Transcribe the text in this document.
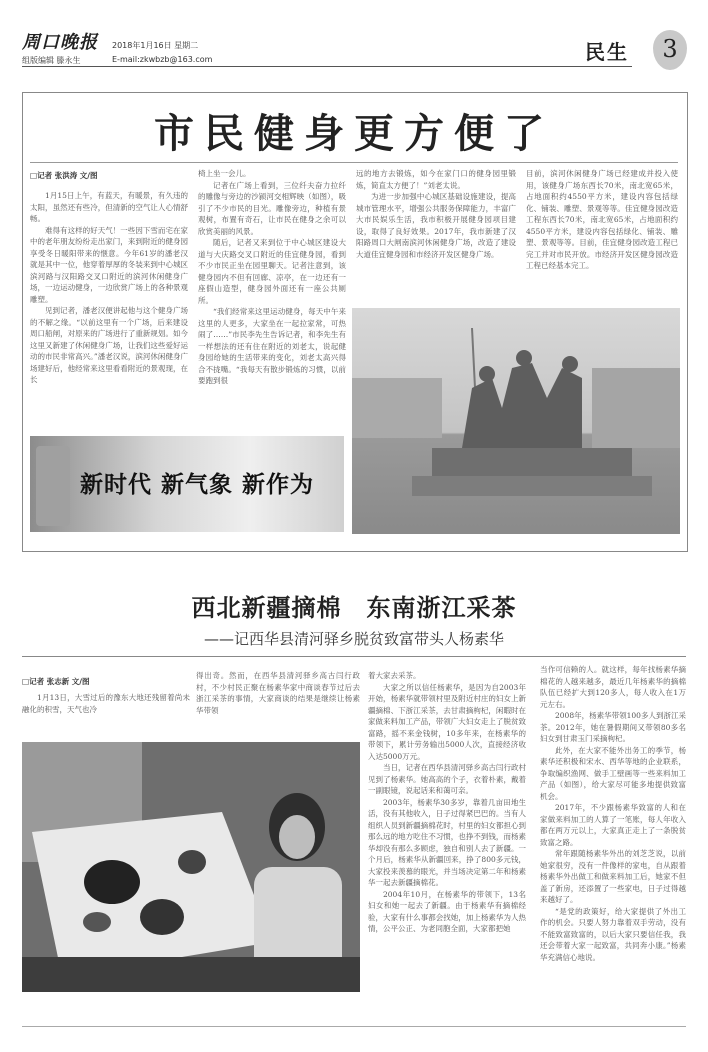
周口晚报 2018年1月16日 星期二
组版编辑 滕永生	E-mail:zkwbzb@163.com	民生	3
市民健身更方便了
□记者 张洪涛 文/图

1月15日上午，有蓝天，有暖景，有久违的太阳，虽然还有些冷，但清新的空气让人心情舒畅。

难得有这样的好天气！一些因下雪而宅在家中的老年朋友纷纷走出家门，来到附近的健身园享受冬日暖阳带来的惬意。今年61岁的潘老汉就是其中一位，他穿着厚厚的冬装来到中心城区滨河路与汉阳路交叉口附近的滨河休闲健身广场，一边运动健身，一边欣赏广场上的各种景观雕塑。

见到记者，潘老汉便讲起他与这个健身广场的不解之缘。“以前这里有一个广场，后来建设周口船闸，对原来的广场进行了重新规划。如今这里又新建了休闲健身广场，让我们这些爱好运动的市民非常高兴。”潘老汉说，滨河休闲健身广场建好后，他经常来这里看看附近的景观现，在长

椅上坐一会儿。

记者在广场上看到，三位纤夫奋力拉纤的雕像与旁边的沙颍河交相辉映（如图），吸引了不少市民的目光。雕像旁边，种植有景观树，布置有奇石，让市民在健身之余可以欣赏美丽的风景。

随后，记者又来到位于中心城区建设大道与大庆路交叉口附近的佳宜健身园，看到不少市民正坐在园里聊天。记者注意到，该健身园内不但有回廊、凉亭，在一边还有一座假山造型，健身园外面还有一座公共厕所。

“我们经常来这里运动健身，每天中午来这里的人更多，大家坐在一起拉家常，可热闹了……”市民李先生告诉记者，和李先生有一样想法的还有住在附近的刘老太，说起健身园给她的生活带来的变化，刘老太高兴得合不拢嘴。“我每天有散步锻炼的习惯，以前要跑到很

远的地方去锻炼，如今在家门口的健身园里锻炼，简直太方便了！”刘老太说。

为进一步加强中心城区基础设施建设，提高城市管理水平，增强公共服务保障能力，丰富广大市民娱乐生活，我市积极开展健身园项目建设，取得了良好效果。2017年，我市新建了汉阳路周口大闸南滨河休闲健身广场，改造了建设大道佳宜健身园和市经济开发区健身广场。

目前，滨河休闲健身广场已经建成并投入使用，该健身广场东西长70米，南北宽65米，占地面积约4550平方米，建设内容包括绿化、铺装、雕塑、景观等等。佳宜健身园改造工程东西长70米，南北宽65米，占地面积约4550平方米，建设内容包括绿化、铺装、雕塑、景观等等。目前，佳宜健身园改造工程已完工并对市民开放。市经济开发区健身园改造工程已经基本完工。

新时代 新气象 新作为
西北新疆摘棉　东南浙江采茶
——记西华县清河驿乡脱贫致富带头人杨素华
□记者 张志新 文/图

1月13日，大雪过后的豫东大地还残留着尚未融化的积雪，天气也冷

得出奇。然而，在西华县清河驿乡高古闫行政村，不少村民正聚在杨素华家中商谈春节过后去浙江采茶的事情，大家商谈的结果是继续让杨素华带领

着大家去采茶。

大家之所以信任杨素华，是因为自2003年开始，杨素华就带领村里及附近村庄的妇女上新疆摘棉、下浙江采茶，去甘肃摘枸杞，闲暇时在家做来料加工产品，带领广大妇女走上了脱贫致富路，摇不来金钱树，10多年来，在杨素华的带领下，累计劳务输出5000人次，直接经济收入达5000万元。

当日，记者在西华县清河驿乡高古闫行政村见到了杨素华。她高高的个子，衣着朴素，戴着一副眼镜，说起话来和蔼可亲。

2003年，杨素华30多岁，靠着几亩田地生活，没有其他收入，日子过得紧巴巴的。当有人组织人员到新疆摘棉花时，村里的妇女都担心到那么远的地方吃住不习惯，也挣不到钱，而杨素华却没有那么多顾虑，独自和别人去了新疆。一个月后，杨素华从新疆回来，挣了800多元钱，大家投来羡慕的眼光，并当场决定第二年和杨素华一起去新疆摘棉花。

2004年10月，在杨素华的带领下，13名妇女和她一起去了新疆。由于杨素华有摘棉经验，大家有什么事都会找她，加上杨素华为人热情，公平公正、为老同胞全面，大家都把她

当作可信赖的人。就这样，每年找杨素华摘棉花的人越来越多，最近几年杨素华的摘棉队伍已经扩大到120多人，每人收入在1万元左右。

2008年，杨素华带领100多人到浙江采茶。2012年，她在暑假期间又带领80多名妇女到甘肃玉门采摘枸杞。

此外，在大家不能外出务工的季节，杨素华还积极和宋水、西华等地的企业联系，争取编织渔网、做手工壁画等一些来料加工产品（如图），给大家尽可能多地提供致富机会。

2017年，不少跟杨素华致富的人和在家做来料加工的人算了一笔账，每人年收入都在两万元以上，大家真正走上了一条脱贫致富之路。

常年跟随杨素华外出的刘芝芝说，以前她家很穷，没有一件像样的家电，自从跟着杨素华外出做工和做来料加工后，她家不但盖了新房，还添置了一些家电，日子过得越来越好了。

“是党的政策好，给大家提供了外出工作的机会。只要人努力靠着双手劳动，没有不能致富致富的，以后大家只要信任我，我还会带着大家一起致富，共同奔小康。”杨素华充满信心地说。
